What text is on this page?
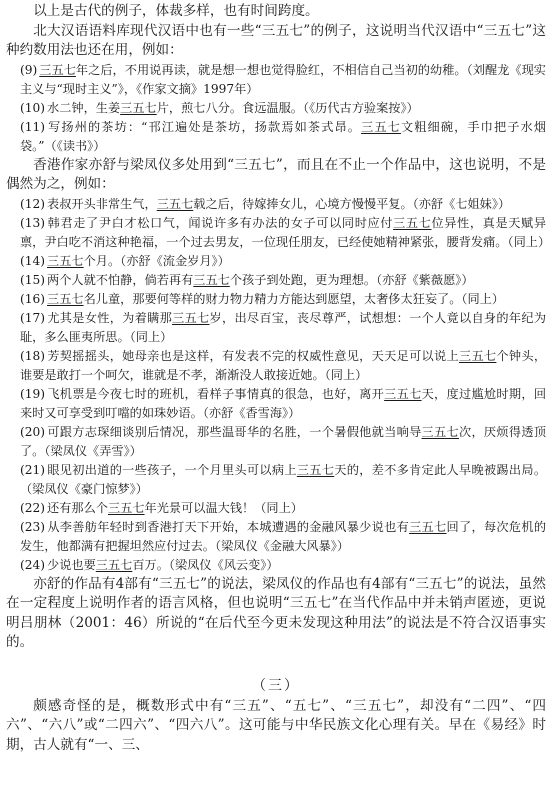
以上是古代的例子，体裁多样，也有时间跨度。

北大汉语语料库现代汉语中也有一些“三五七”的例子，这说明当代汉语中“三五七”这种约数用法也还在用，例如：

(9) 三五七年之后，不用说再读，就是想一想也觉得脸红，不相信自己当初的幼稚。（刘醒龙《现实主义与“现时主义”》，《作家文摘》1997年）

(10) 水二钟，生姜三五七片，煎七八分。食远温服。（《历代古方验案按》）

(11) 写扬州的茶坊：“邗江遍处是茶坊，扬款焉如茶式昂。三五七文粗细碗，手巾把子水烟袋。”（《读书》）

香港作家亦舒与梁凤仪多处用到“三五七”，而且在不止一个作品中，这也说明，不是偶然为之，例如：

(12) 表叔开头非常生气，三五七载之后，待嫁捧女儿，心境方慢慢平复。（亦舒《七姐妹》）

(13) 韩君走了尹白才松口气，闻说许多有办法的女子可以同时应付三五七位异性，真是天赋异禀，尹白吃不消这种艳福，一个过去男友，一位现任朋友，已经使她精神紧张，腰背发痛。（同上）

(14) 三五七个月。（亦舒《流金岁月》）

(15) 两个人就不怕静，倘若再有三五七个孩子到处跑，更为理想。（亦舒《紫薇愿》）

(16) 三五七名儿童，那要何等样的财力物力精力方能达到愿望，太奢侈太狂妄了。（同上）

(17) 尤其是女性，为着瞒那三五七岁，出尽百宝，丧尽尊严，试想想：一个人竟以自身的年纪为耻，多么匪夷所思。（同上）

(18) 芳契摇摇头，她母亲也是这样，有发表不完的权威性意见，天天足可以说上三五七个钟头，谁要是敢打一个呵欠，谁就是不孝，渐渐没人敢接近她。（同上）

(19) 飞机票是今夜七时的班机，看样子事情真的很急，也好，离开三五七天，度过尴尬时期，回来时又可享受到叮噹的如珠妙语。（亦舒《香雪海》）

(20) 可跟方志琛细谈别后情况，那些温哥华的名胜，一个暑假他就当响导三五七次，厌烦得透顶了。（梁凤仪《弄雪》）

(21) 眼见初出道的一些孩子，一个月里头可以病上三五七天的，差不多肯定此人早晚被踢出局。（梁凤仪《豪门惊梦》）

(22) 还有那么个三五七年光景可以温大钱！（同上）

(23) 从李善舫年轻时到香港打天下开始，本城遭遇的金融风暴少说也有三五七回了，每次危机的发生，他都满有把握坦然应付过去。（梁凤仪《金融大风暴》）

(24) 少说也要三五七百万。（梁凤仪《风云变》）

亦舒的作品有4部有“三五七”的说法，梁凤仪的作品也有4部有“三五七”的说法，虽然在一定程度上说明作者的语言风格，但也说明“三五七”在当代作品中并未销声匿迹，更说明吕朋林（2001：46）所说的“在后代至今更未发现这种用法”的说法是不符合汉语事实的。

（三）

颇感奇怪的是，概数形式中有“三五”、“五七”、“三五七”，却没有“二四”、“四六”、“六八”或“二四六”、“四六八”。这可能与中华民族文化心理有关。早在《易经》时期，古人就有“一、三、
